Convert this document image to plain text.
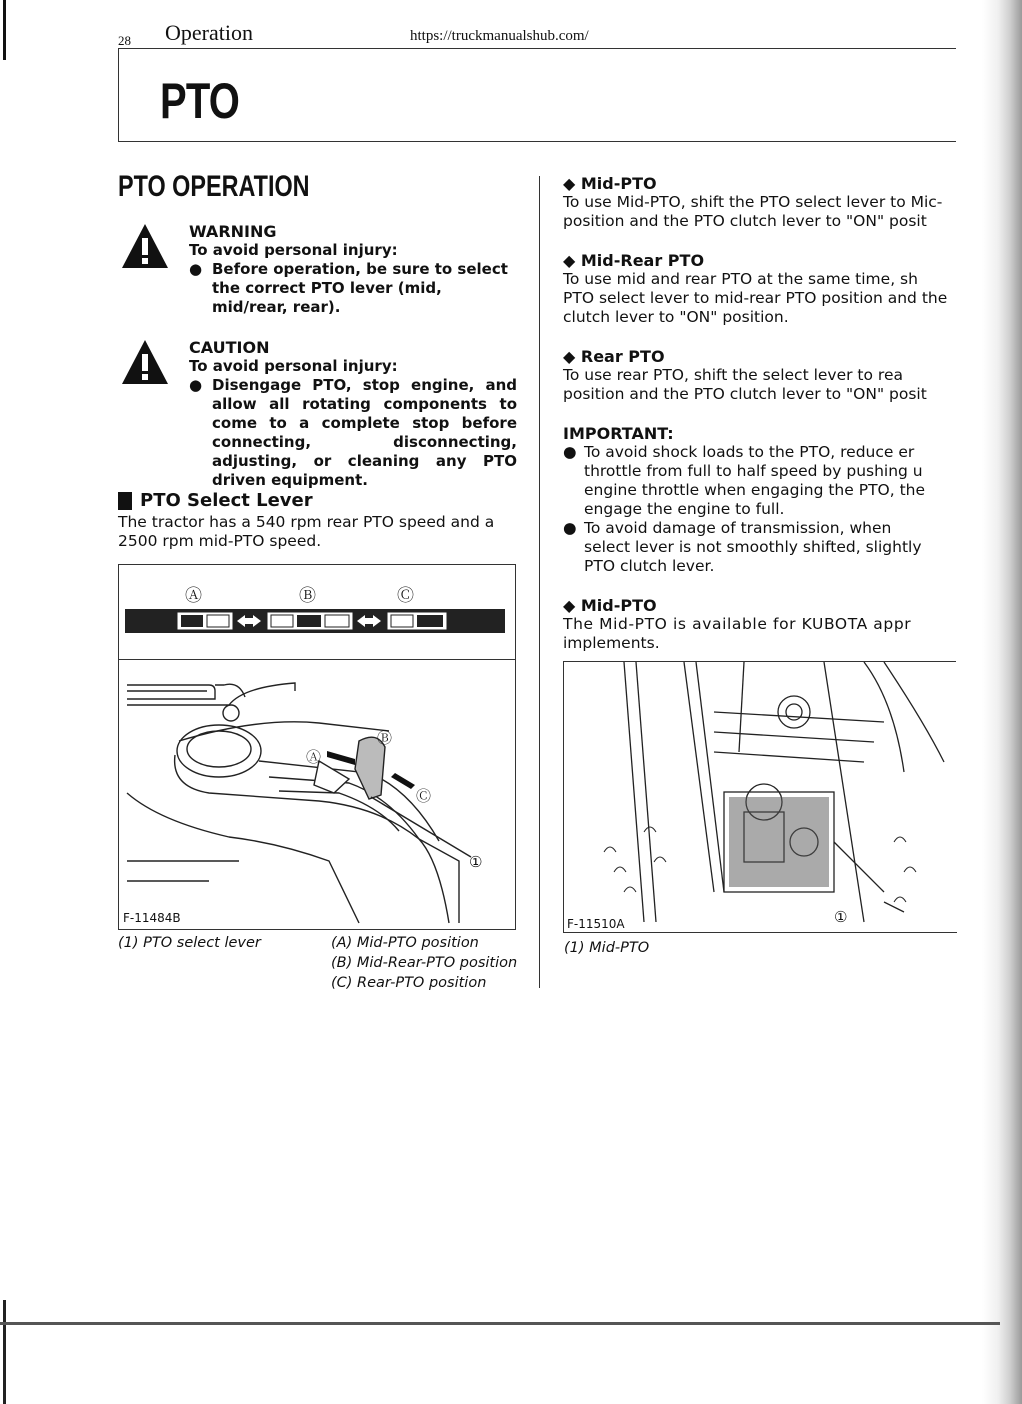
28 Operation	https://truckmanualshub.com/
PTO
PTO OPERATION
WARNING
To avoid personal injury:
● Before operation, be sure to select the correct PTO lever (mid, mid/rear, rear).
CAUTION
To avoid personal injury:
● Disengage PTO, stop engine, and allow all rotating components to come to a complete stop before connecting, disconnecting, adjusting, or cleaning any PTO driven equipment.
PTO Select Lever
The tractor has a 540 rpm rear PTO speed and a 2500 rpm mid-PTO speed.
Ⓐ	Ⓑ	Ⓒ
Ⓐ
Ⓑ
Ⓒ
①
F-11484B
(1) PTO select lever	(A) Mid-PTO position
(B) Mid-Rear-PTO position
(C) Rear-PTO position
◆ Mid-PTO
To use Mid-PTO, shift the PTO select lever to Mic-
position and the PTO clutch lever to "ON" posit
◆ Mid-Rear PTO
To use mid and rear PTO at the same time, sh
PTO select lever to mid-rear PTO position and the
clutch lever to "ON" position.
◆ Rear PTO
To use rear PTO, shift the select lever to rea
position and the PTO clutch lever to "ON" posit
IMPORTANT:
● To avoid shock loads to the PTO, reduce er
throttle from full to half speed by pushing u
engine throttle when engaging the PTO, the
engage the engine to full.
● To avoid damage of transmission, when
select lever is not smoothly shifted, slightly
PTO clutch lever.
◆ Mid-PTO
The Mid-PTO is available for KUBOTA appr
implements.
F-11510A	①
(1) Mid-PTO
